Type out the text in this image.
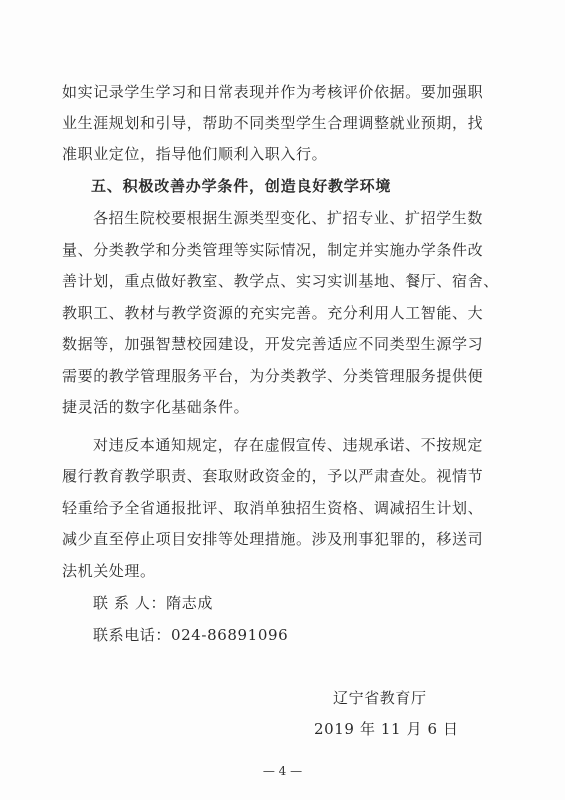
如实记录学生学习和日常表现并作为考核评价依据。要加强职
业生涯规划和引导，帮助不同类型学生合理调整就业预期，找
准职业定位，指导他们顺利入职入行。
五、积极改善办学条件，创造良好教学环境
各招生院校要根据生源类型变化、扩招专业、扩招学生数
量、分类教学和分类管理等实际情况，制定并实施办学条件改
善计划，重点做好教室、教学点、实习实训基地、餐厅、宿舍、
教职工、教材与教学资源的充实完善。充分利用人工智能、大
数据等，加强智慧校园建设，开发完善适应不同类型生源学习
需要的教学管理服务平台，为分类教学、分类管理服务提供便
捷灵活的数字化基础条件。
对违反本通知规定，存在虚假宣传、违规承诺、不按规定
履行教育教学职责、套取财政资金的，予以严肃查处。视情节
轻重给予全省通报批评、取消单独招生资格、调减招生计划、
减少直至停止项目安排等处理措施。涉及刑事犯罪的，移送司
法机关处理。
联 系 人：隋志成
联系电话：024-86891096
辽宁省教育厅
2019 年 11 月 6 日
— 4 —
